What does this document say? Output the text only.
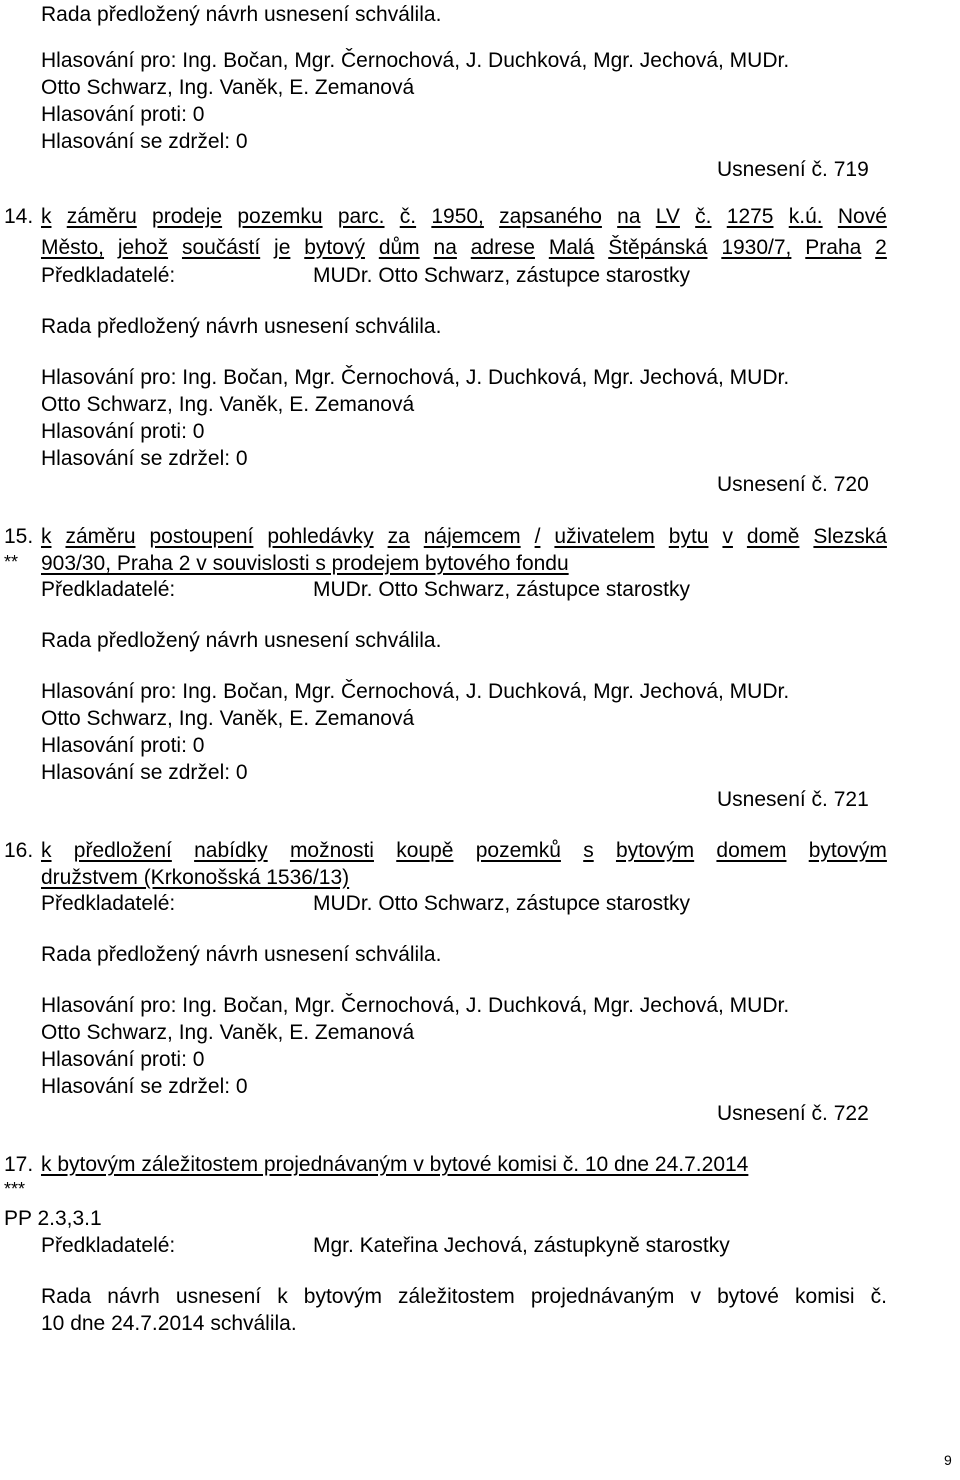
Rada předložený návrh usnesení schválila.
Hlasování pro: Ing. Bočan, Mgr. Černochová, J. Duchková, Mgr. Jechová, MUDr.
Otto Schwarz, Ing. Vaněk, E. Zemanová
Hlasování proti: 0
Hlasování se zdržel: 0
Usnesení č. 719
14. k záměru prodeje pozemku parc. č. 1950, zapsaného na LV č. 1275 k.ú. Nové
Město, jehož součástí je bytový dům na adrese Malá Štěpánská 1930/7, Praha 2
Předkladatelé:	MUDr. Otto Schwarz, zástupce starostky
Rada předložený návrh usnesení schválila.
Hlasování pro: Ing. Bočan, Mgr. Černochová, J. Duchková, Mgr. Jechová, MUDr.
Otto Schwarz, Ing. Vaněk, E. Zemanová
Hlasování proti: 0
Hlasování se zdržel: 0
Usnesení č. 720
15.
**
k záměru postoupení pohledávky za nájemcem / uživatelem bytu v domě Slezská
903/30, Praha 2 v souvislosti s prodejem bytového fondu
Předkladatelé:	MUDr. Otto Schwarz, zástupce starostky
Rada předložený návrh usnesení schválila.
Hlasování pro: Ing. Bočan, Mgr. Černochová, J. Duchková, Mgr. Jechová, MUDr.
Otto Schwarz, Ing. Vaněk, E. Zemanová
Hlasování proti: 0
Hlasování se zdržel: 0
Usnesení č. 721
16. k předložení nabídky možnosti koupě pozemků s bytovým domem bytovým
družstvem (Krkonošská 1536/13)
Předkladatelé:	MUDr. Otto Schwarz, zástupce starostky
Rada předložený návrh usnesení schválila.
Hlasování pro: Ing. Bočan, Mgr. Černochová, J. Duchková, Mgr. Jechová, MUDr.
Otto Schwarz, Ing. Vaněk, E. Zemanová
Hlasování proti: 0
Hlasování se zdržel: 0
Usnesení č. 722
17.
***
k bytovým záležitostem projednávaným v bytové komisi č. 10 dne 24.7.2014
PP 2.3,3.1
Předkladatelé:	Mgr. Kateřina Jechová, zástupkyně starostky
Rada návrh usnesení k bytovým záležitostem projednávaným v bytové komisi č.
10 dne 24.7.2014 schválila.
9
